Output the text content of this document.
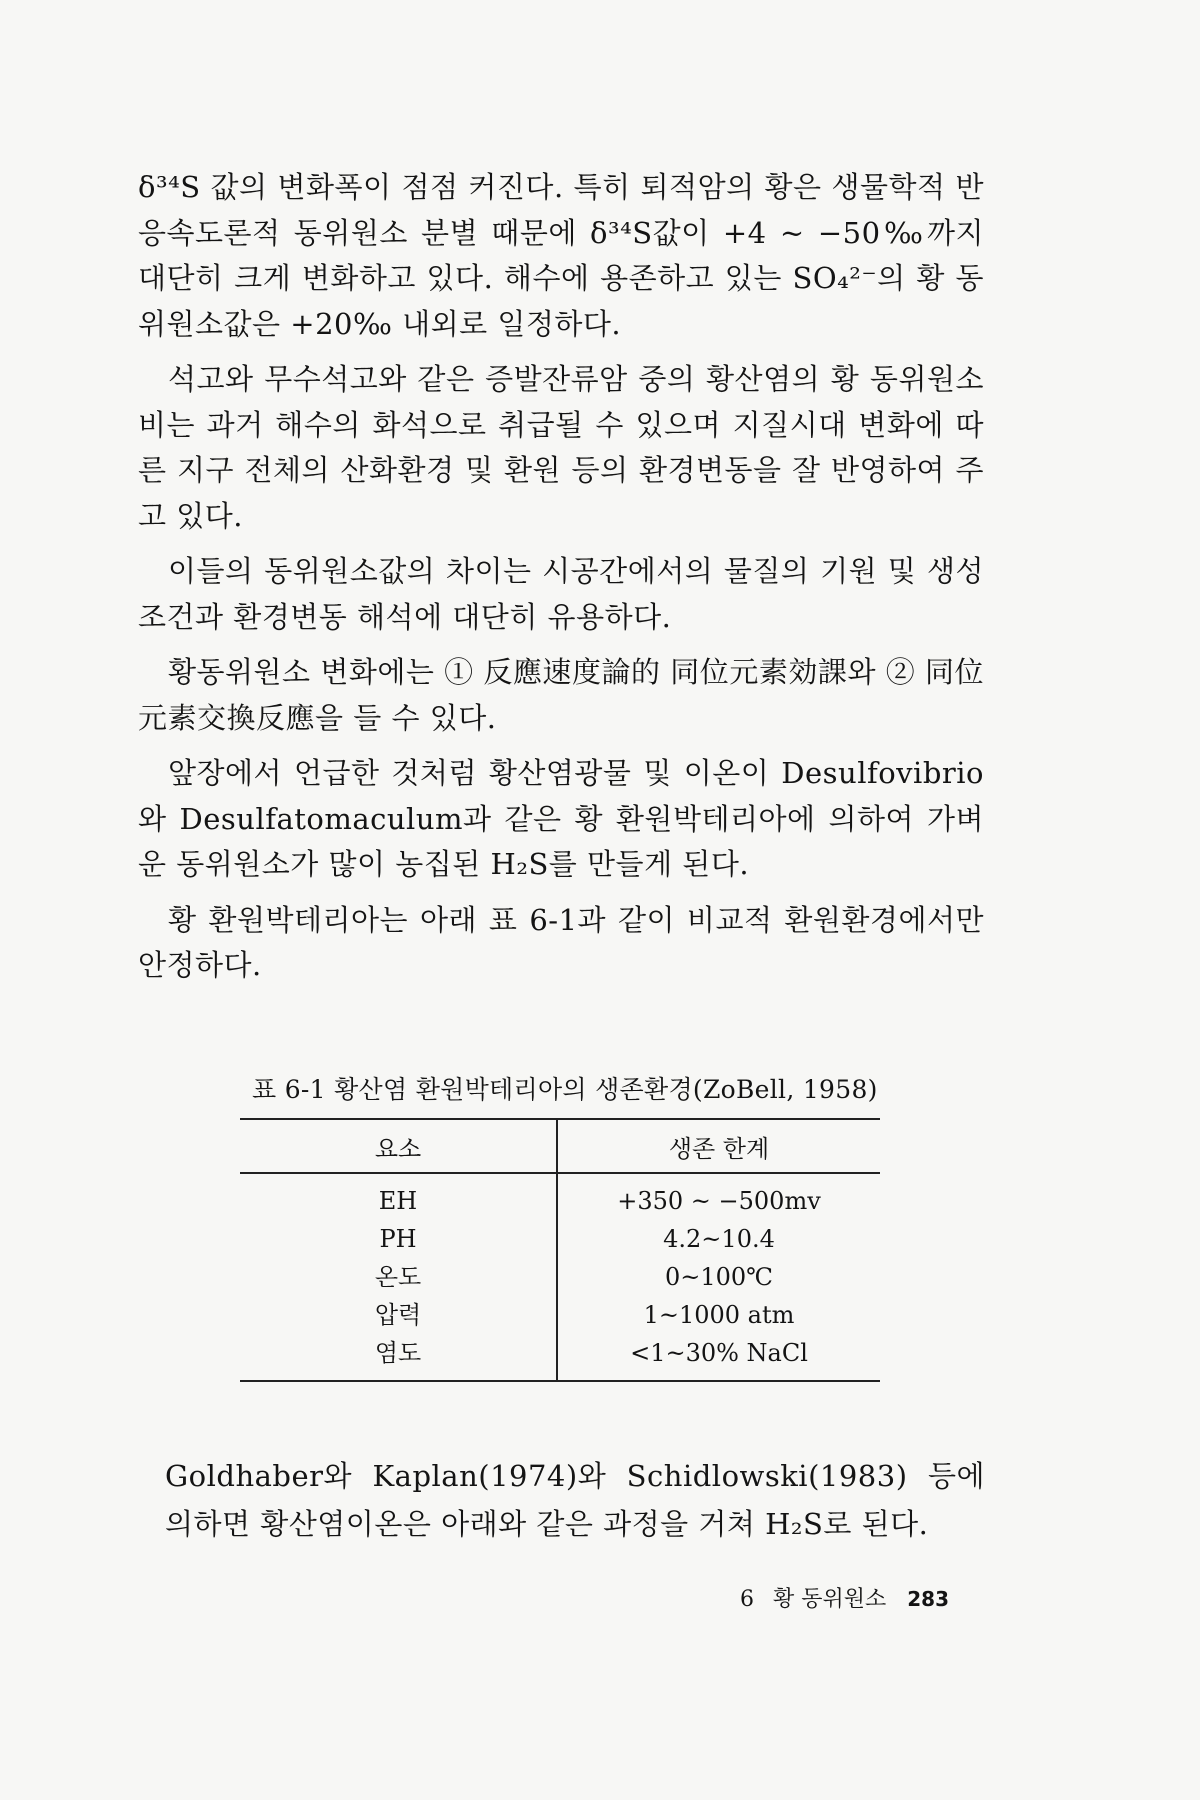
δ³⁴S 값의 변화폭이 점점 커진다. 특히 퇴적암의 황은 생물학적 반응속도론적 동위원소 분별 때문에 δ³⁴S값이 +4 ~ −50‰까지 대단히 크게 변화하고 있다. 해수에 용존하고 있는 SO₄²⁻의 황 동위원소값은 +20‰ 내외로 일정하다.

석고와 무수석고와 같은 증발잔류암 중의 황산염의 황 동위원소비는 과거 해수의 화석으로 취급될 수 있으며 지질시대 변화에 따른 지구 전체의 산화환경 및 환원 등의 환경변동을 잘 반영하여 주고 있다.

이들의 동위원소값의 차이는 시공간에서의 물질의 기원 및 생성조건과 환경변동 해석에 대단히 유용하다.

황동위원소 변화에는 ① 反應速度論的 同位元素効課와 ② 同位元素交換反應을 들 수 있다.

앞장에서 언급한 것처럼 황산염광물 및 이온이 Desulfovibrio와 Desulfatomaculum과 같은 황 환원박테리아에 의하여 가벼운 동위원소가 많이 농집된 H₂S를 만들게 된다.

황 환원박테리아는 아래 표 6-1과 같이 비교적 환원환경에서만 안정하다.

표 6-1 황산염 환원박테리아의 생존환경(ZoBell, 1958)
요소	생존 한계
EH	+350 ~ −500mv
PH	4.2~10.4
온도	0~100℃
압력	1~1000 atm
염도	<1~30% NaCl

Goldhaber와 Kaplan(1974)와 Schidlowski(1983) 등에 의하면 황산염이온은 아래와 같은 과정을 거쳐 H₂S로 된다.

6 황 동위원소 283
